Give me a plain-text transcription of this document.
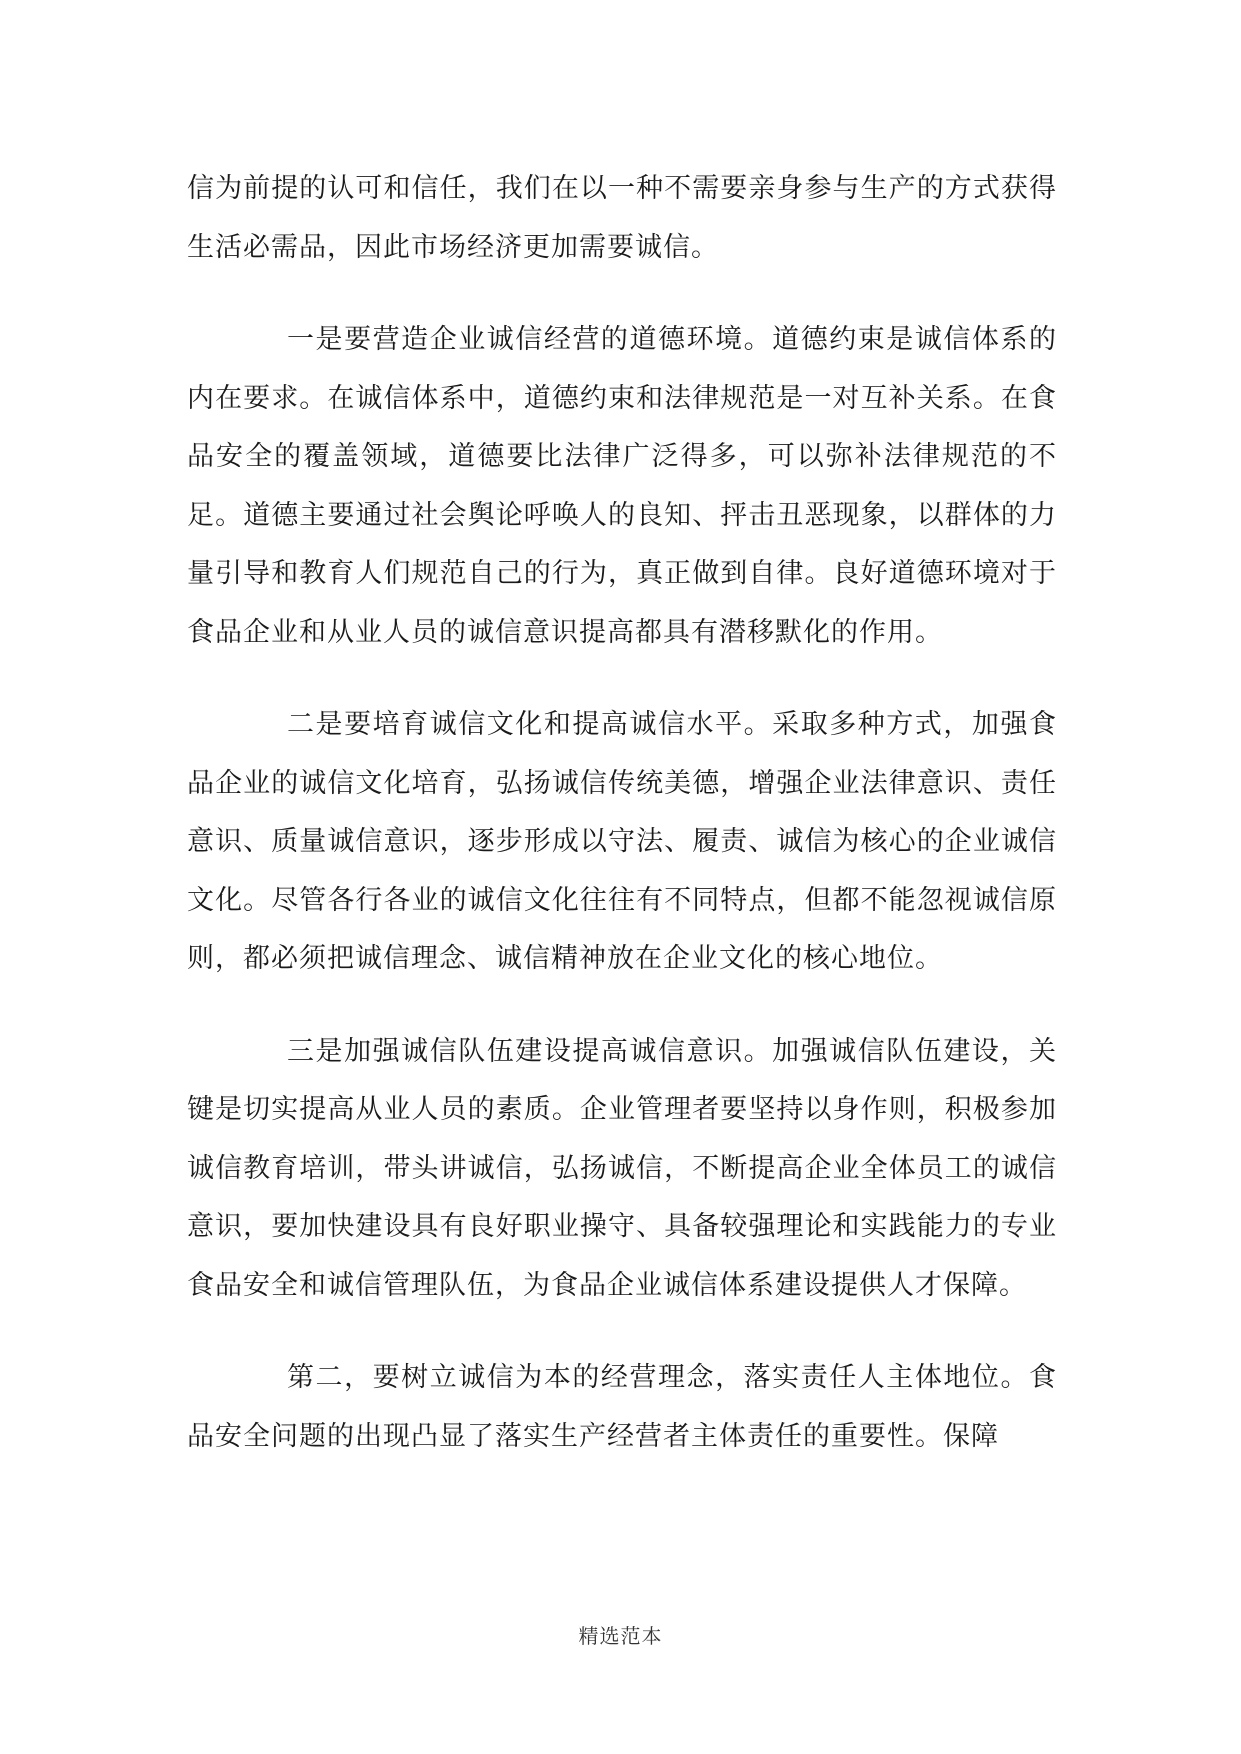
信为前提的认可和信任，我们在以一种不需要亲身参与生产的方式获得生活必需品，因此市场经济更加需要诚信。

一是要营造企业诚信经营的道德环境。道德约束是诚信体系的内在要求。在诚信体系中，道德约束和法律规范是一对互补关系。在食品安全的覆盖领域，道德要比法律广泛得多，可以弥补法律规范的不足。道德主要通过社会舆论呼唤人的良知、抨击丑恶现象，以群体的力量引导和教育人们规范自己的行为，真正做到自律。良好道德环境对于食品企业和从业人员的诚信意识提高都具有潜移默化的作用。

二是要培育诚信文化和提高诚信水平。采取多种方式，加强食品企业的诚信文化培育，弘扬诚信传统美德，增强企业法律意识、责任意识、质量诚信意识，逐步形成以守法、履责、诚信为核心的企业诚信文化。尽管各行各业的诚信文化往往有不同特点，但都不能忽视诚信原则，都必须把诚信理念、诚信精神放在企业文化的核心地位。

三是加强诚信队伍建设提高诚信意识。加强诚信队伍建设，关键是切实提高从业人员的素质。企业管理者要坚持以身作则，积极参加诚信教育培训，带头讲诚信，弘扬诚信，不断提高企业全体员工的诚信意识，要加快建设具有良好职业操守、具备较强理论和实践能力的专业食品安全和诚信管理队伍，为食品企业诚信体系建设提供人才保障。

第二，要树立诚信为本的经营理念，落实责任人主体地位。食品安全问题的出现凸显了落实生产经营者主体责任的重要性。保障

精选范本
